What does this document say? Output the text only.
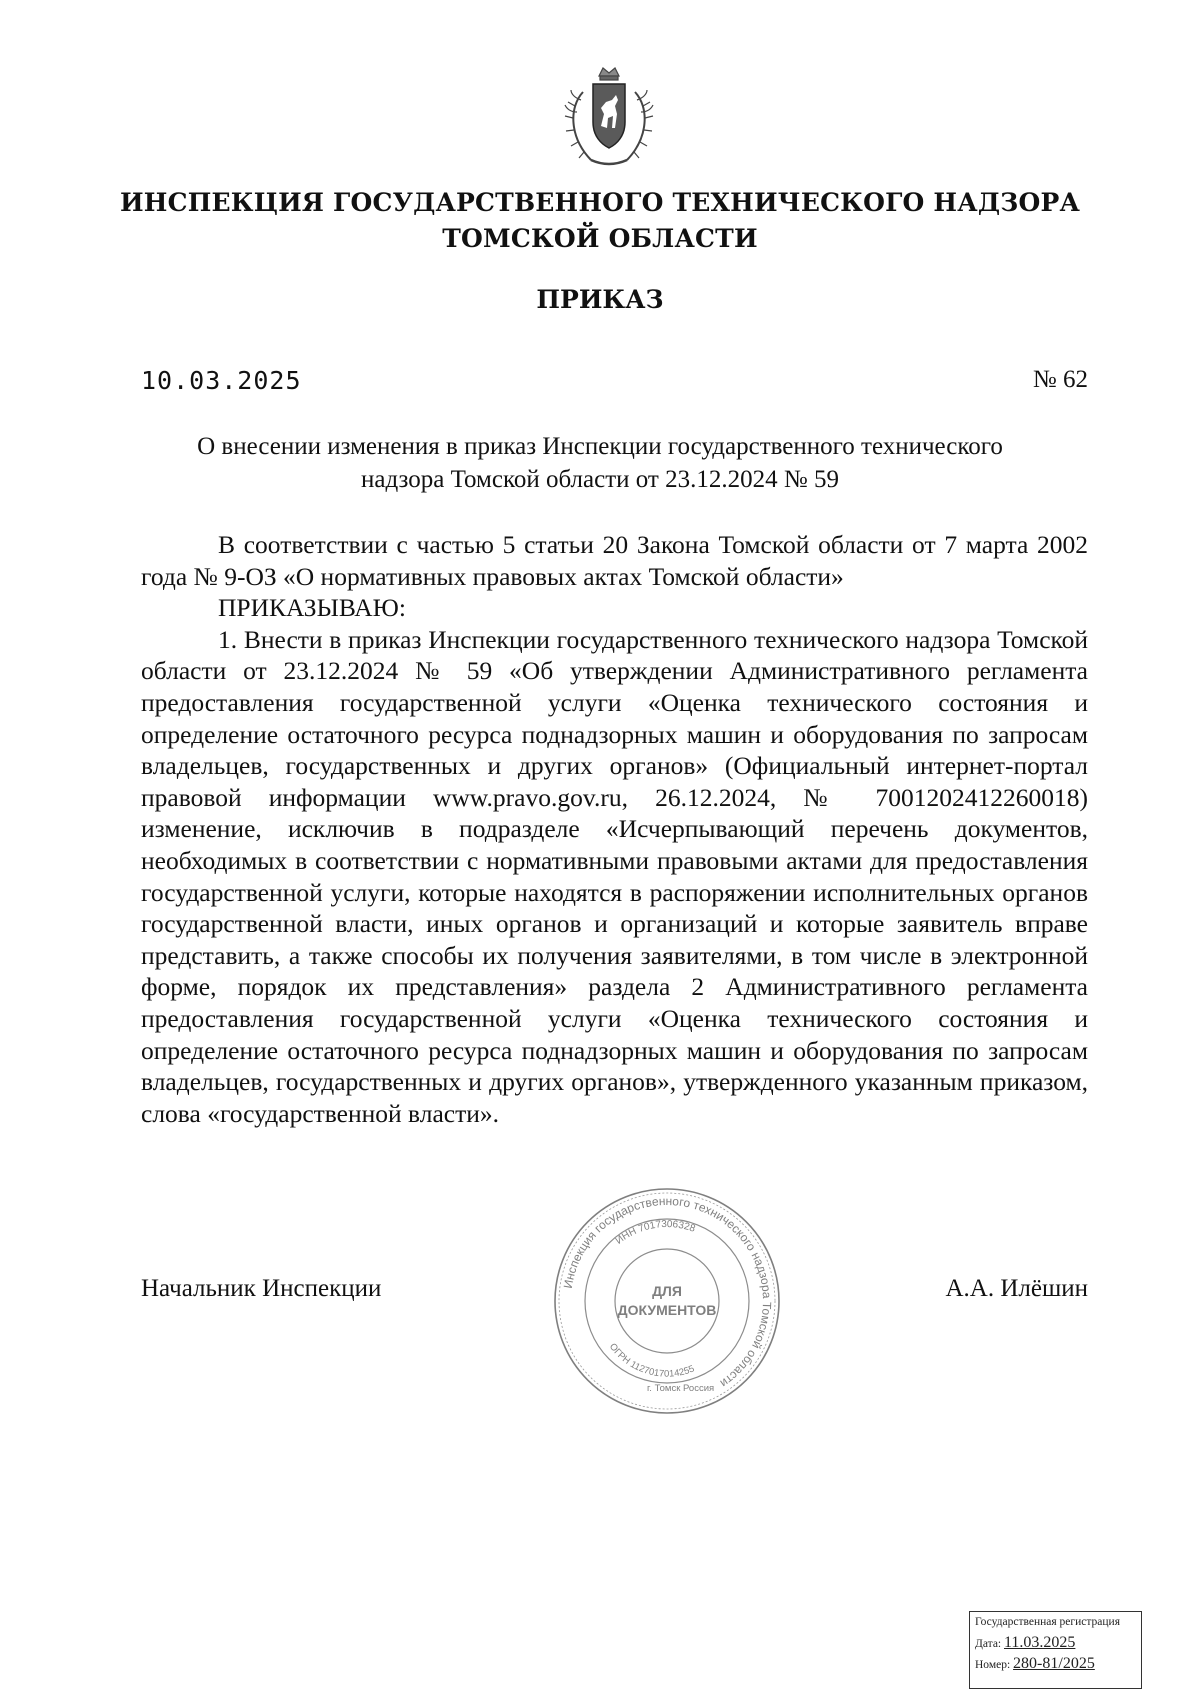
ИНСПЕКЦИЯ ГОСУДАРСТВЕННОГО ТЕХНИЧЕСКОГО НАДЗОРА
ТОМСКОЙ ОБЛАСТИ
ПРИКАЗ
10.03.2025	№ 62
О внесении изменения в приказ Инспекции государственного технического
надзора Томской области от 23.12.2024 № 59

В соответствии с частью 5 статьи 20 Закона Томской области от 7 марта 2002 года № 9-ОЗ «О нормативных правовых актах Томской области»

ПРИКАЗЫВАЮ:

1. Внести в приказ Инспекции государственного технического надзора Томской области от 23.12.2024 № 59 «Об утверждении Административного регламента предоставления государственной услуги «Оценка технического состояния и определение остаточного ресурса поднадзорных машин и оборудования по запросам владельцев, государственных и других органов» (Официальный интернет-портал правовой информации www.pravo.gov.ru, 26.12.2024, № 7001202412260018) изменение, исключив в подразделе «Исчерпывающий перечень документов, необходимых в соответствии с нормативными правовыми актами для предоставления государственной услуги, которые находятся в распоряжении исполнительных органов государственной власти, иных органов и организаций и которые заявитель вправе представить, а также способы их получения заявителями, в том числе в электронной форме, порядок их представления» раздела 2 Административного регламента предоставления государственной услуги «Оценка технического состояния и определение остаточного ресурса поднадзорных машин и оборудования по запросам владельцев, государственных и других органов», утвержденного указанным приказом, слова «государственной власти».

Начальник Инспекции	А.А. Илёшин
Инспекция государственного технического надзора Томской области
ИНН 7017306328
ОГРН 1127017014255
г. Томск Россия
ДЛЯ
ДОКУМЕНТОВ
Государственная регистрация
Дата: 11.03.2025
Номер: 280-81/2025
